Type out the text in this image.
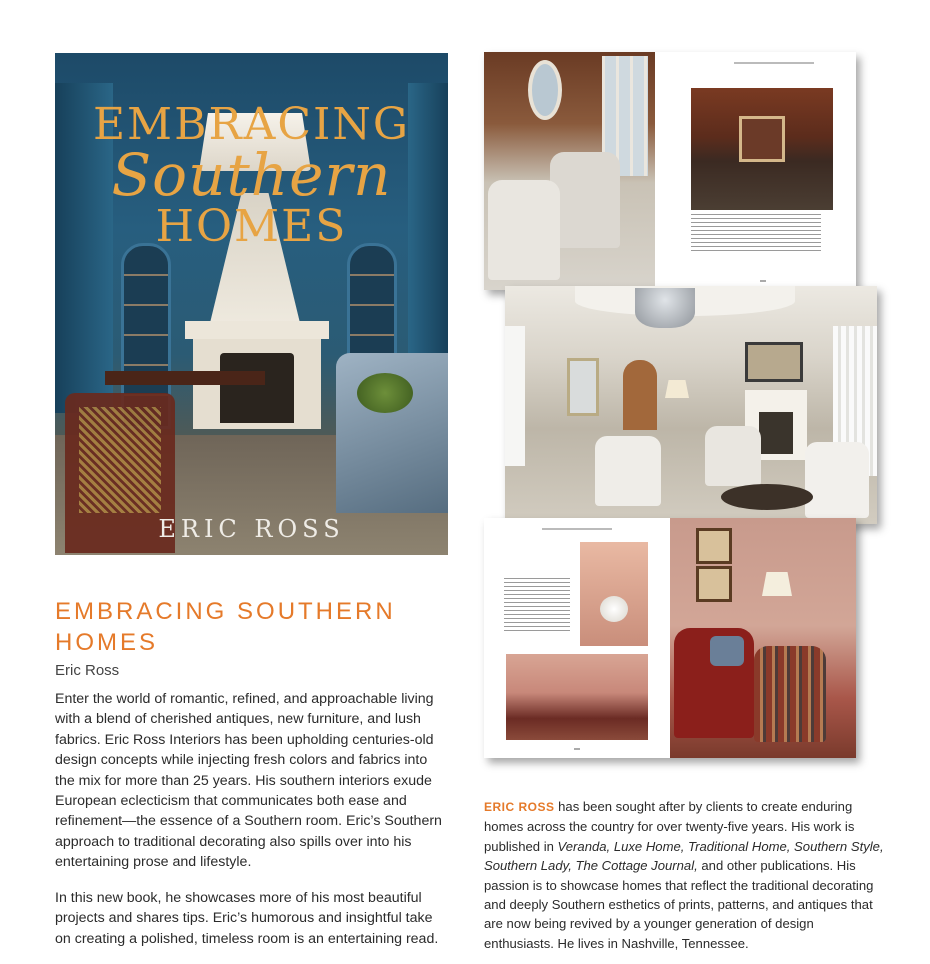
EMBRACING
Southern
HOMES
ERIC ROSS
EMBRACING SOUTHERN HOMES
Eric Ross

Enter the world of romantic, refined, and approachable living with a blend of cherished antiques, new furniture, and lush fabrics. Eric Ross Interiors has been upholding centuries-old design concepts while injecting fresh colors and fabrics into the mix for more than 25 years. His southern interiors exude European eclecticism that communicates both ease and refinement—the essence of a Southern room. Eric’s Southern approach to traditional decorating also spills over into his entertaining prose and lifestyle.

In this new book, he showcases more of his most beautiful projects and shares tips. Eric’s humorous and insightful take on creating a polished, timeless room is an entertaining read.

ERIC ROSS has been sought after by clients to create enduring homes across the country for over twenty-five years. His work is published in Veranda, Luxe Home, Traditional Home, Southern Style, Southern Lady, The Cottage Journal, and other publications. His passion is to showcase homes that reflect the traditional decorating and deeply Southern esthetics of prints, patterns, and antiques that are now being revived by a younger generation of design enthusiasts. He lives in Nashville, Tennessee.
